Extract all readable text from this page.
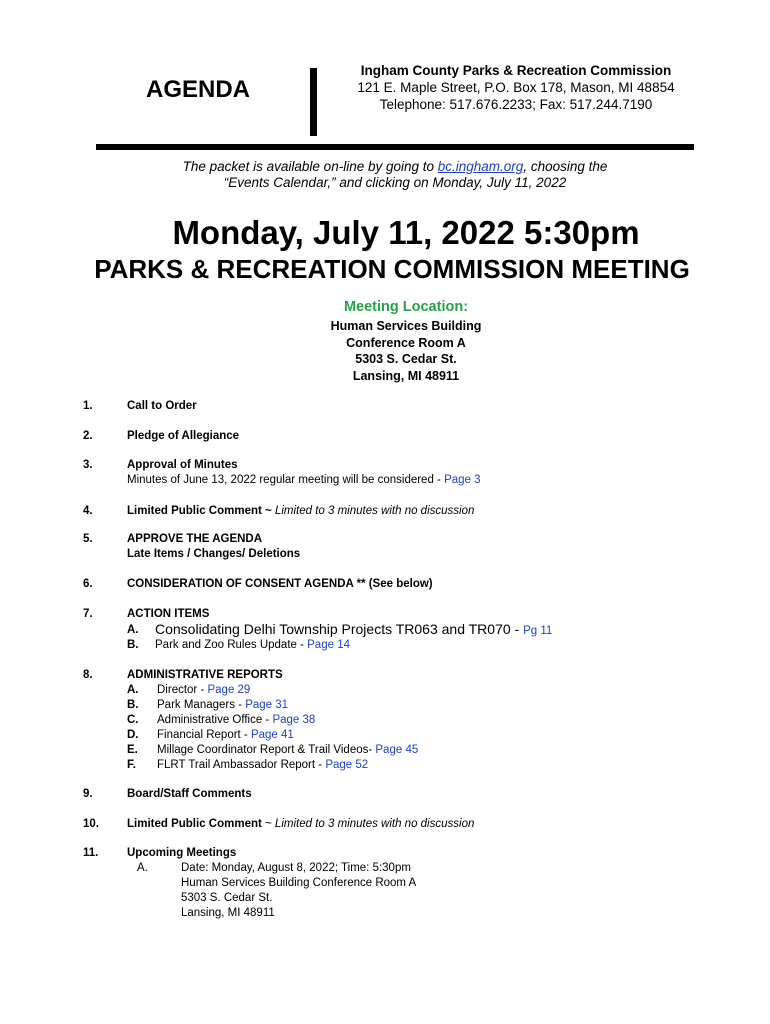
AGENDA
Ingham County Parks & Recreation Commission
121 E. Maple Street, P.O. Box 178, Mason, MI 48854
Telephone: 517.676.2233; Fax: 517.244.7190
The packet is available on-line by going to bc.ingham.org, choosing the
“Events Calendar,” and clicking on Monday, July 11, 2022
Monday, July 11, 2022 5:30pm
PARKS & RECREATION COMMISSION MEETING
Meeting Location:
Human Services Building
Conference Room A
5303 S. Cedar St.
Lansing, MI 48911
1.	Call to Order
2.	Pledge of Allegiance
3.	Approval of Minutes
Minutes of June 13, 2022 regular meeting will be considered - Page 3
4.	Limited Public Comment ~ Limited to 3 minutes with no discussion
5.	APPROVE THE AGENDA
Late Items / Changes/ Deletions
6.	CONSIDERATION OF CONSENT AGENDA ** (See below)
7.	ACTION ITEMS
A. Consolidating Delhi Township Projects TR063 and TR070 - Pg 11
B. Park and Zoo Rules Update - Page 14
8.	ADMINISTRATIVE REPORTS
A. Director - Page 29
B. Park Managers - Page 31
C. Administrative Office - Page 38
D. Financial Report - Page 41
E. Millage Coordinator Report & Trail Videos- Page 45
F. FLRT Trail Ambassador Report - Page 52
9.	Board/Staff Comments
10. Limited Public Comment ~ Limited to 3 minutes with no discussion
11. Upcoming Meetings
A.	Date: Monday, August 8, 2022; Time: 5:30pm
Human Services Building Conference Room A
5303 S. Cedar St.
Lansing, MI 48911
